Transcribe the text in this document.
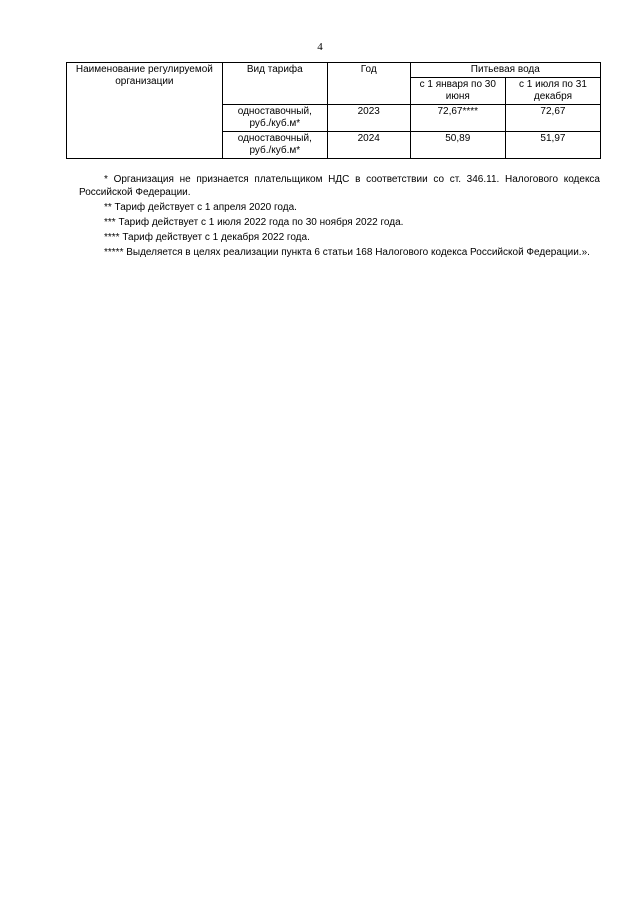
4
Наименование регулируемой организации	Вид тарифа	Год	Питьевая вода	
			с 1 января по 30 июня	с 1 июля по 31 декабря
	одноставочный, руб./куб.м*	2023	72,67****	72,67
	одноставочный, руб./куб.м*	2024	50,89	51,97

* Организация не признается плательщиком НДС в соответствии со ст. 346.11. Налогового кодекса Российской Федерации.

** Тариф действует с 1 апреля 2020 года.

*** Тариф действует с 1 июля 2022 года по 30 ноября 2022 года.

**** Тариф действует с 1 декабря 2022 года.

***** Выделяется в целях реализации пункта 6 статьи 168 Налогового кодекса Российской Федерации.».
